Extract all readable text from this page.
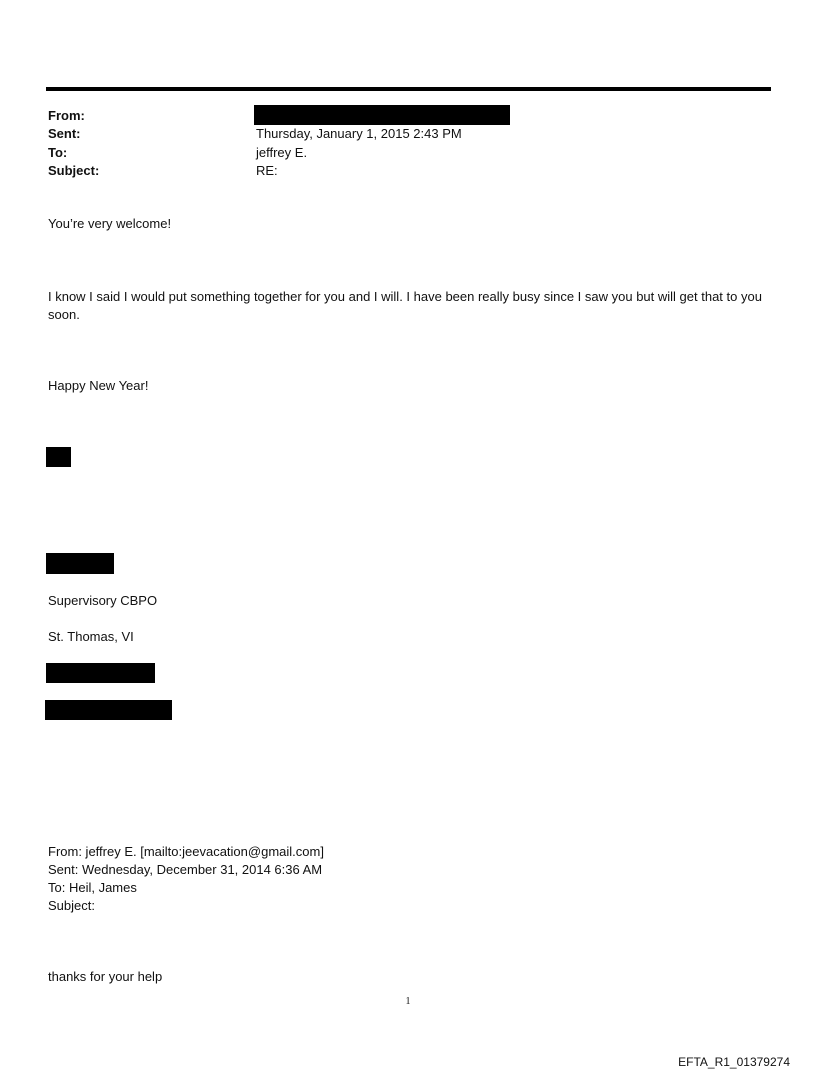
From:
Sent:	Thursday, January 1, 2015 2:43 PM
To:	jeffrey E.
Subject:	RE:
You’re very welcome!
I know I said I would put something together for you and I will. I have been really busy since I saw you but will get that to you soon.
Happy New Year!
Supervisory CBPO
St. Thomas, VI
From: jeffrey E. [mailto:jeevacation@gmail.com]
Sent: Wednesday, December 31, 2014 6:36 AM
To: Heil, James
Subject:
thanks for your help
1
EFTA_R1_01379274
